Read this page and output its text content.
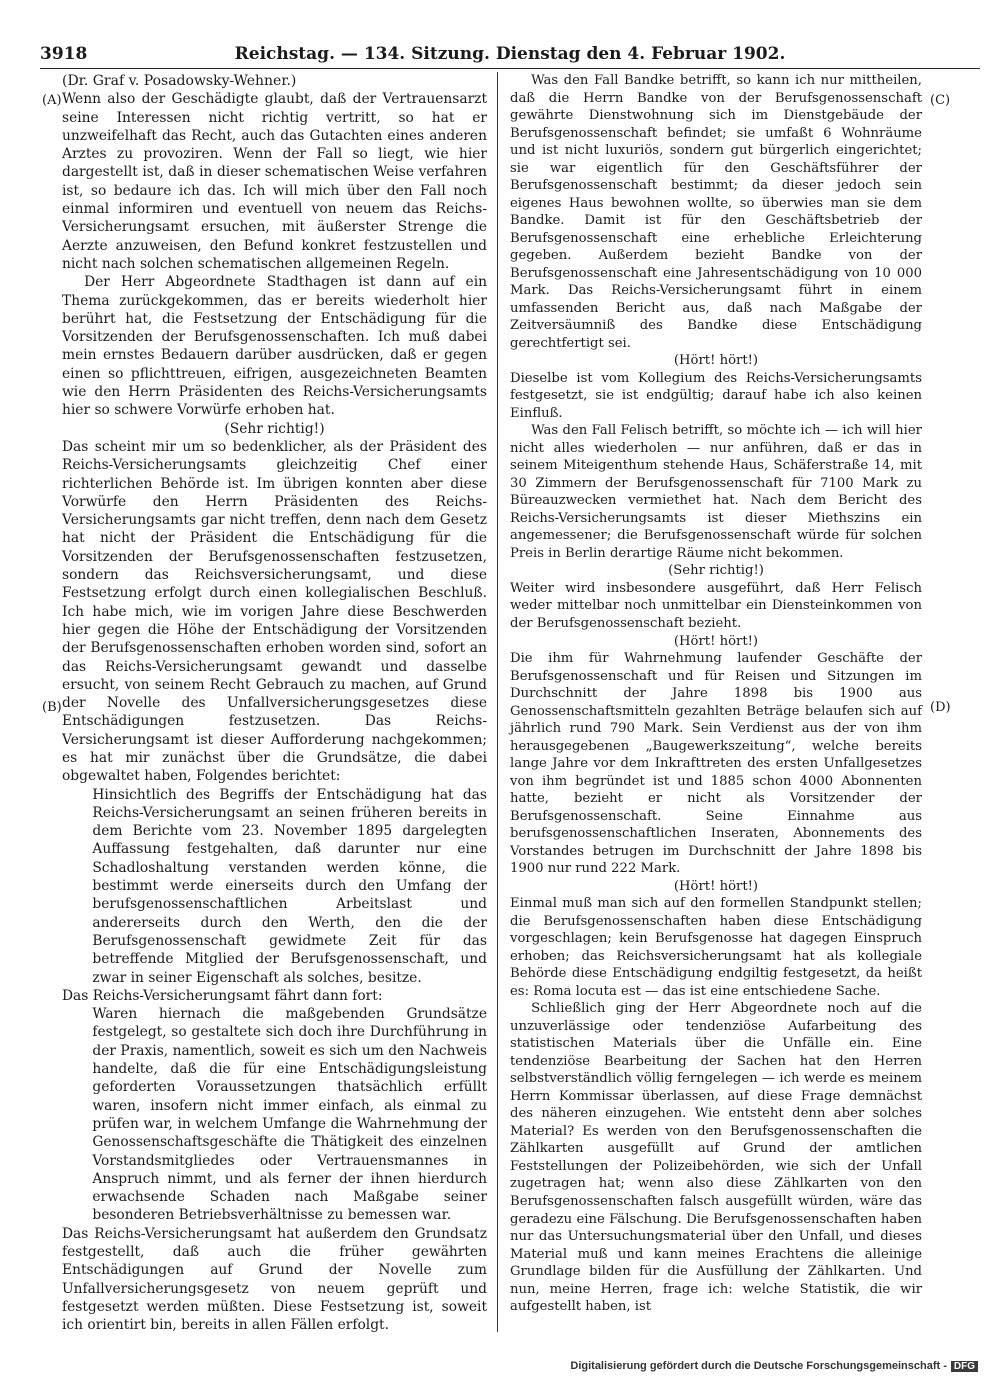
3918	Reichstag. — 134. Sitzung. Dienstag den 4. Februar 1902.
(A)
(B)
(C)
(D)

(Dr. Graf v. Posadowsky-Wehner.)

Wenn also der Geschädigte glaubt, daß der Vertrauensarzt seine Interessen nicht richtig vertritt, so hat er unzweifelhaft das Recht, auch das Gutachten eines anderen Arztes zu provoziren. Wenn der Fall so liegt, wie hier dargestellt ist, daß in dieser schematischen Weise verfahren ist, so bedaure ich das. Ich will mich über den Fall noch einmal informiren und eventuell von neuem das Reichs-Versicherungsamt ersuchen, mit äußerster Strenge die Aerzte anzuweisen, den Befund konkret festzustellen und nicht nach solchen schematischen allgemeinen Regeln.

Der Herr Abgeordnete Stadthagen ist dann auf ein Thema zurückgekommen, das er bereits wiederholt hier berührt hat, die Festsetzung der Entschädigung für die Vorsitzenden der Berufsgenossenschaften. Ich muß dabei mein ernstes Bedauern darüber ausdrücken, daß er gegen einen so pflichttreuen, eifrigen, ausgezeichneten Beamten wie den Herrn Präsidenten des Reichs-Versicherungsamts hier so schwere Vorwürfe erhoben hat.

(Sehr richtig!)

Das scheint mir um so bedenklicher, als der Präsident des Reichs-Versicherungsamts gleichzeitig Chef einer richterlichen Behörde ist. Im übrigen konnten aber diese Vorwürfe den Herrn Präsidenten des Reichs-Versicherungsamts gar nicht treffen, denn nach dem Gesetz hat nicht der Präsident die Entschädigung für die Vorsitzenden der Berufsgenossenschaften festzusetzen, sondern das Reichsversicherungsamt, und diese Festsetzung erfolgt durch einen kollegialischen Beschluß. Ich habe mich, wie im vorigen Jahre diese Beschwerden hier gegen die Höhe der Entschädigung der Vorsitzenden der Berufsgenossenschaften erhoben worden sind, sofort an das Reichs-Versicherungsamt gewandt und dasselbe ersucht, von seinem Recht Gebrauch zu machen, auf Grund der Novelle des Unfallversicherungsgesetzes diese Entschädigungen festzusetzen. Das Reichs-Versicherungsamt ist dieser Aufforderung nachgekommen; es hat mir zunächst über die Grundsätze, die dabei obgewaltet haben, Folgendes berichtet:

Hinsichtlich des Begriffs der Entschädigung hat das Reichs-Versicherungsamt an seinen früheren bereits in dem Berichte vom 23. November 1895 dargelegten Auffassung festgehalten, daß darunter nur eine Schadloshaltung verstanden werden könne, die bestimmt werde einerseits durch den Umfang der berufsgenossenschaftlichen Arbeitslast und andererseits durch den Werth, den die der Berufsgenossenschaft gewidmete Zeit für das betreffende Mitglied der Berufsgenossenschaft, und zwar in seiner Eigenschaft als solches, besitze.

Das Reichs-Versicherungsamt fährt dann fort:

Waren hiernach die maßgebenden Grundsätze festgelegt, so gestaltete sich doch ihre Durchführung in der Praxis, namentlich, soweit es sich um den Nachweis handelte, daß die für eine Entschädigungsleistung geforderten Voraussetzungen thatsächlich erfüllt waren, insofern nicht immer einfach, als einmal zu prüfen war, in welchem Umfange die Wahrnehmung der Genossenschaftsgeschäfte die Thätigkeit des einzelnen Vorstandsmitgliedes oder Vertrauensmannes in Anspruch nimmt, und als ferner der ihnen hierdurch erwachsende Schaden nach Maßgabe seiner besonderen Betriebsverhältnisse zu bemessen war.

Das Reichs-Versicherungsamt hat außerdem den Grundsatz festgestellt, daß auch die früher gewährten Entschädigungen auf Grund der Novelle zum Unfallversicherungsgesetz von neuem geprüft und festgesetzt werden müßten. Diese Festsetzung ist, soweit ich orientirt bin, bereits in allen Fällen erfolgt.

Was den Fall Bandke betrifft, so kann ich nur mittheilen, daß die Herrn Bandke von der Berufsgenossenschaft gewährte Dienstwohnung sich im Dienstgebäude der Berufsgenossenschaft befindet; sie umfaßt 6 Wohnräume und ist nicht luxuriös, sondern gut bürgerlich eingerichtet; sie war eigentlich für den Geschäftsführer der Berufsgenossenschaft bestimmt; da dieser jedoch sein eigenes Haus bewohnen wollte, so überwies man sie dem Bandke. Damit ist für den Geschäftsbetrieb der Berufsgenossenschaft eine erhebliche Erleichterung gegeben. Außerdem bezieht Bandke von der Berufsgenossenschaft eine Jahresentschädigung von 10 000 Mark. Das Reichs-Versicherungsamt führt in einem umfassenden Bericht aus, daß nach Maßgabe der Zeitversäumniß des Bandke diese Entschädigung gerechtfertigt sei.

(Hört! hört!)

Dieselbe ist vom Kollegium des Reichs-Versicherungsamts festgesetzt, sie ist endgültig; darauf habe ich also keinen Einfluß.

Was den Fall Felisch betrifft, so möchte ich — ich will hier nicht alles wiederholen — nur anführen, daß er das in seinem Miteigenthum stehende Haus, Schäferstraße 14, mit 30 Zimmern der Berufsgenossenschaft für 7100 Mark zu Büreauzwecken vermiethet hat. Nach dem Bericht des Reichs-Versicherungsamts ist dieser Miethszins ein angemessener; die Berufsgenossenschaft würde für solchen Preis in Berlin derartige Räume nicht bekommen.

(Sehr richtig!)

Weiter wird insbesondere ausgeführt, daß Herr Felisch weder mittelbar noch unmittelbar ein Diensteinkommen von der Berufsgenossenschaft bezieht.

(Hört! hört!)

Die ihm für Wahrnehmung laufender Geschäfte der Berufsgenossenschaft und für Reisen und Sitzungen im Durchschnitt der Jahre 1898 bis 1900 aus Genossenschaftsmitteln gezahlten Beträge belaufen sich auf jährlich rund 790 Mark. Sein Verdienst aus der von ihm herausgegebenen „Baugewerkszeitung“, welche bereits lange Jahre vor dem Inkrafttreten des ersten Unfallgesetzes von ihm begründet ist und 1885 schon 4000 Abonnenten hatte, bezieht er nicht als Vorsitzender der Berufsgenossenschaft. Seine Einnahme aus berufsgenossenschaftlichen Inseraten, Abonnements des Vorstandes betrugen im Durchschnitt der Jahre 1898 bis 1900 nur rund 222 Mark.

(Hört! hört!)

Einmal muß man sich auf den formellen Standpunkt stellen; die Berufsgenossenschaften haben diese Entschädigung vorgeschlagen; kein Berufsgenosse hat dagegen Einspruch erhoben; das Reichsversicherungsamt hat als kollegiale Behörde diese Entschädigung endgiltig festgesetzt, da heißt es: Roma locuta est — das ist eine entschiedene Sache.

Schließlich ging der Herr Abgeordnete noch auf die unzuverlässige oder tendenziöse Aufarbeitung des statistischen Materials über die Unfälle ein. Eine tendenziöse Bearbeitung der Sachen hat den Herren selbstverständlich völlig ferngelegen — ich werde es meinem Herrn Kommissar überlassen, auf diese Frage demnächst des näheren einzugehen. Wie entsteht denn aber solches Material? Es werden von den Berufsgenossenschaften die Zählkarten ausgefüllt auf Grund der amtlichen Feststellungen der Polizeibehörden, wie sich der Unfall zugetragen hat; wenn also diese Zählkarten von den Berufsgenossenschaften falsch ausgefüllt würden, wäre das geradezu eine Fälschung. Die Berufsgenossenschaften haben nur das Untersuchungsmaterial über den Unfall, und dieses Material muß und kann meines Erachtens die alleinige Grundlage bilden für die Ausfüllung der Zählkarten. Und nun, meine Herren, frage ich: welche Statistik, die wir aufgestellt haben, ist

Digitalisierung gefördert durch die Deutsche Forschungsgemeinschaft - DFG
